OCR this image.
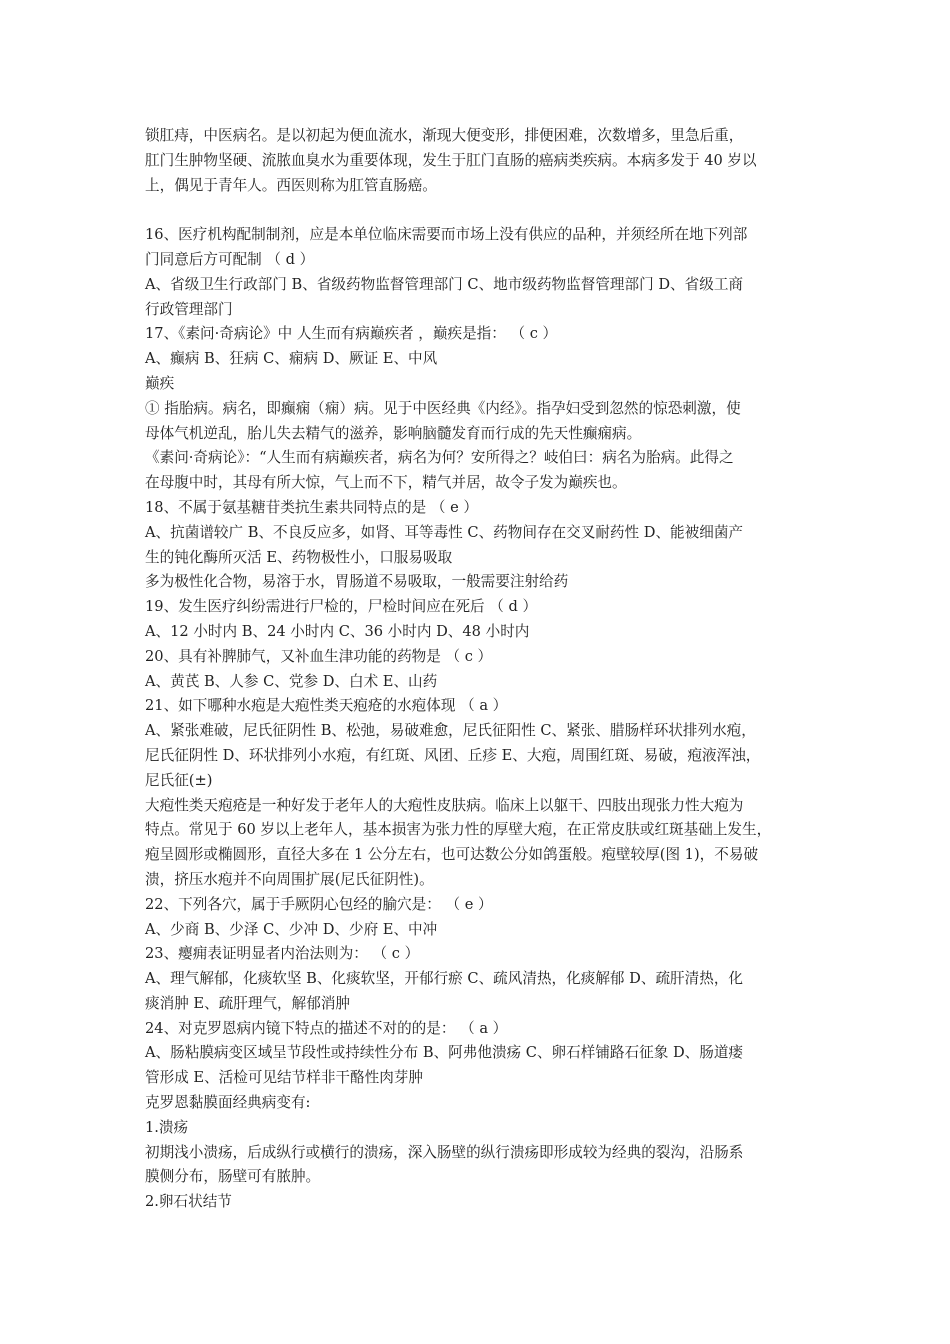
锁肛痔，中医病名。是以初起为便血流水，渐现大便变形，排便困难，次数增多，里急后重，
肛门生肿物坚硬、流脓血臭水为重要体现，发生于肛门直肠的癌病类疾病。本病多发于 40 岁以
上，偶见于青年人。西医则称为肛管直肠癌。
16、医疗机构配制制剂，应是本单位临床需要而市场上没有供应的品种，并须经所在地下列部
门同意后方可配制 （ d ）
A、省级卫生行政部门 B、省级药物监督管理部门 C、地市级药物监督管理部门 D、省级工商
行政管理部门
17、《素问·奇病论》中 人生而有病巅疾者 ，巅疾是指： （ c ）
A、癫病 B、狂病 C、痫病 D、厥证 E、中风
巅疾
① 指胎病。病名，即癫痫（痫）病。见于中医经典《内经》。指孕妇受到忽然的惊恐刺激，使
母体气机逆乱，胎儿失去精气的滋养，影响脑髓发育而行成的先天性癫痫病。
《素问·奇病论》：“人生而有病巅疾者，病名为何？安所得之？岐伯曰：病名为胎病。此得之
在母腹中时，其母有所大惊，气上而不下，精气并居，故令子发为巅疾也。
18、不属于氨基糖苷类抗生素共同特点的是 （ e ）
A、抗菌谱较广 B、不良反应多，如肾、耳等毒性 C、药物间存在交叉耐药性 D、能被细菌产
生的钝化酶所灭活 E、药物极性小，口服易吸取
多为极性化合物，易溶于水，胃肠道不易吸取，一般需要注射给药
19、发生医疗纠纷需进行尸检的，尸检时间应在死后 （ d ）
A、12 小时内 B、24 小时内 C、36 小时内 D、48 小时内
20、具有补脾肺气，又补血生津功能的药物是 （ c ）
A、黄芪 B、人参 C、党参 D、白术 E、山药
21、如下哪种水疱是大疱性类天疱疮的水疱体现 （ a ）
A、紧张难破，尼氏征阴性 B、松弛，易破难愈，尼氏征阳性 C、紧张、腊肠样环状排列水疱，
尼氏征阴性 D、环状排列小水疱，有红斑、风团、丘疹 E、大疱，周围红斑、易破，疱液浑浊，
尼氏征(±)
大疱性类天疱疮是一种好发于老年人的大疱性皮肤病。临床上以躯干、四肢出现张力性大疱为
特点。常见于 60 岁以上老年人，基本损害为张力性的厚壁大疱，在正常皮肤或红斑基础上发生，
疱呈圆形或椭圆形，直径大多在 1 公分左右，也可达数公分如鸽蛋般。疱壁较厚(图 1)，不易破
溃，挤压水疱并不向周围扩展(尼氏征阴性)。
22、下列各穴，属于手厥阴心包经的腧穴是： （ e ）
A、少商 B、少泽 C、少冲 D、少府 E、中冲
23、瘿痈表证明显者内治法则为： （ c ）
A、理气解郁，化痰软坚 B、化痰软坚，开郁行瘀 C、疏风清热，化痰解郁 D、疏肝清热，化
痰消肿 E、疏肝理气，解郁消肿
24、对克罗恩病内镜下特点的描述不对的的是： （ a ）
A、肠粘膜病变区域呈节段性或持续性分布 B、阿弗他溃疡 C、卵石样铺路石征象 D、肠道瘘
管形成 E、活检可见结节样非干酪性肉芽肿
克罗恩黏膜面经典病变有:
1.溃疡
初期浅小溃疡，后成纵行或横行的溃疡，深入肠壁的纵行溃疡即形成较为经典的裂沟，沿肠系
膜侧分布，肠壁可有脓肿。
2.卵石状结节
